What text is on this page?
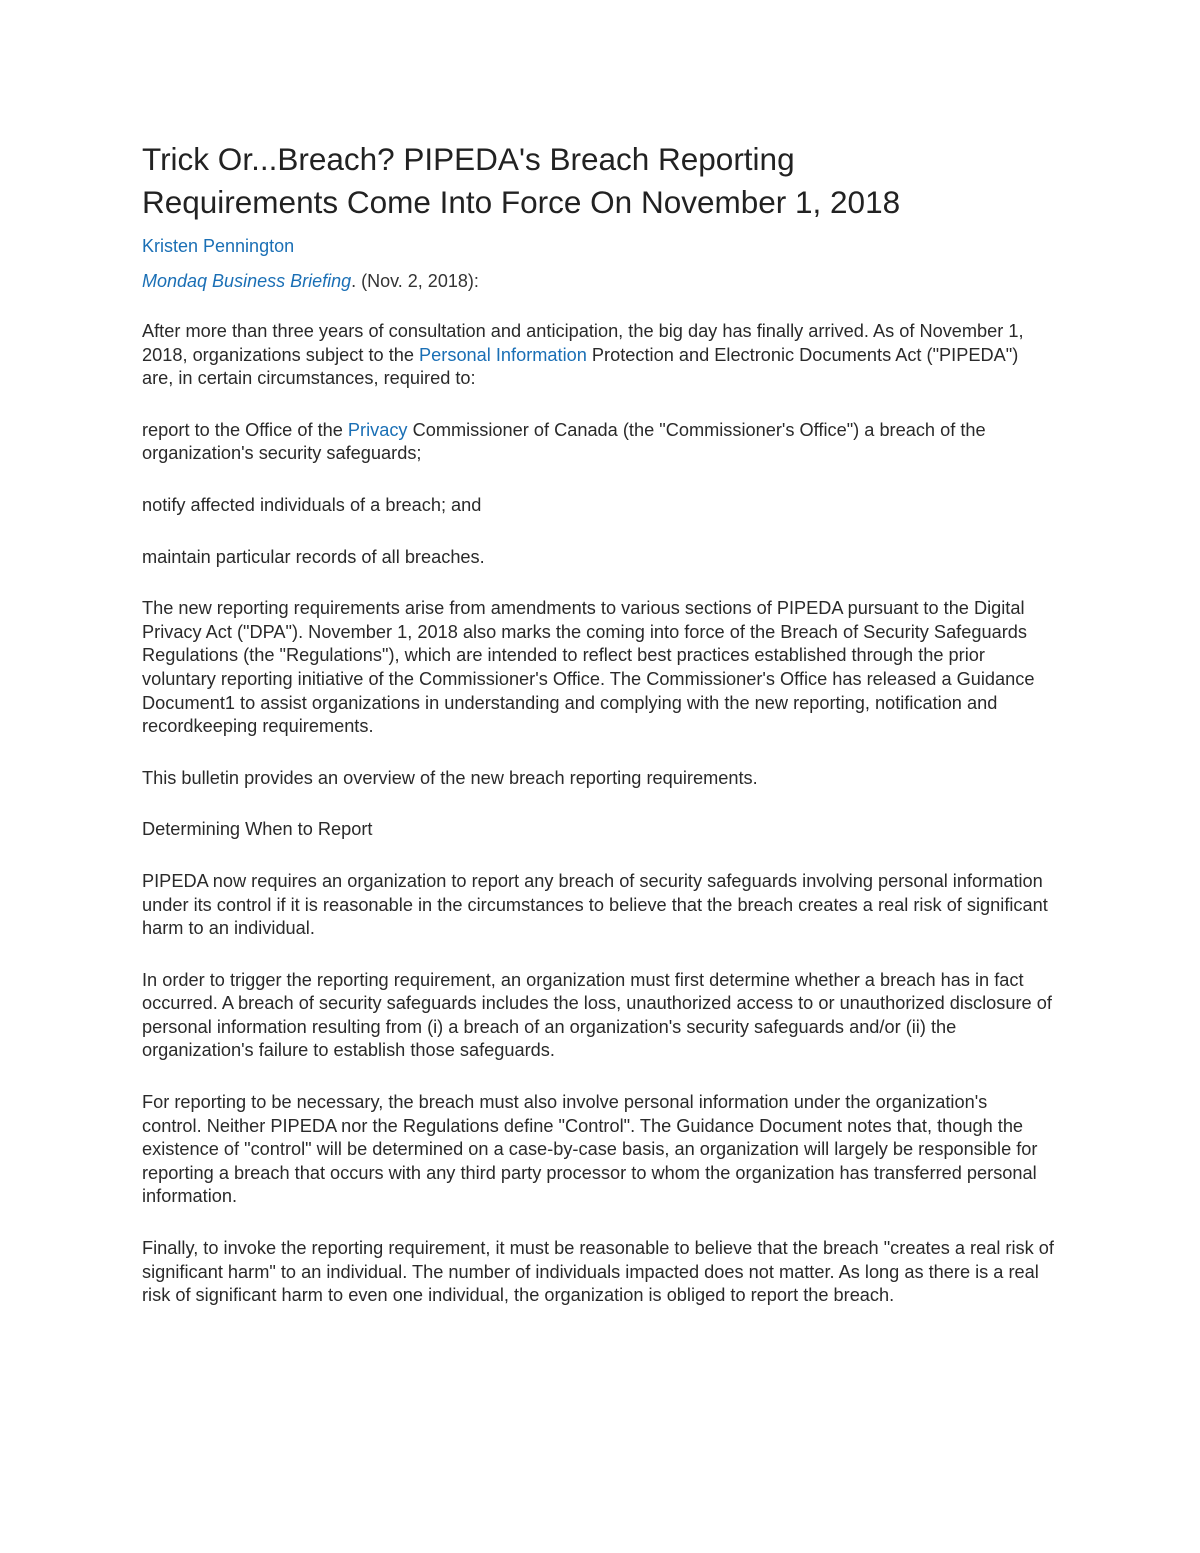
Trick Or...Breach? PIPEDA's Breach Reporting
Requirements Come Into Force On November 1, 2018
Kristen Pennington
Mondaq Business Briefing. (Nov. 2, 2018):

After more than three years of consultation and anticipation, the big day has finally arrived. As of November 1, 2018, organizations subject to the Personal Information Protection and Electronic Documents Act ("PIPEDA") are, in certain circumstances, required to:

report to the Office of the Privacy Commissioner of Canada (the "Commissioner's Office") a breach of the organization's security safeguards;

notify affected individuals of a breach; and

maintain particular records of all breaches.

The new reporting requirements arise from amendments to various sections of PIPEDA pursuant to the Digital Privacy Act ("DPA"). November 1, 2018 also marks the coming into force of the Breach of Security Safeguards Regulations (the "Regulations"), which are intended to reflect best practices established through the prior voluntary reporting initiative of the Commissioner's Office. The Commissioner's Office has released a Guidance Document1 to assist organizations in understanding and complying with the new reporting, notification and recordkeeping requirements.

This bulletin provides an overview of the new breach reporting requirements.

Determining When to Report

PIPEDA now requires an organization to report any breach of security safeguards involving personal information under its control if it is reasonable in the circumstances to believe that the breach creates a real risk of significant harm to an individual.

In order to trigger the reporting requirement, an organization must first determine whether a breach has in fact occurred. A breach of security safeguards includes the loss, unauthorized access to or unauthorized disclosure of personal information resulting from (i) a breach of an organization's security safeguards and/or (ii) the organization's failure to establish those safeguards.

For reporting to be necessary, the breach must also involve personal information under the organization's control. Neither PIPEDA nor the Regulations define "Control". The Guidance Document notes that, though the existence of "control" will be determined on a case-by-case basis, an organization will largely be responsible for reporting a breach that occurs with any third party processor to whom the organization has transferred personal information.

Finally, to invoke the reporting requirement, it must be reasonable to believe that the breach "creates a real risk of significant harm" to an individual. The number of individuals impacted does not matter. As long as there is a real risk of significant harm to even one individual, the organization is obliged to report the breach.
